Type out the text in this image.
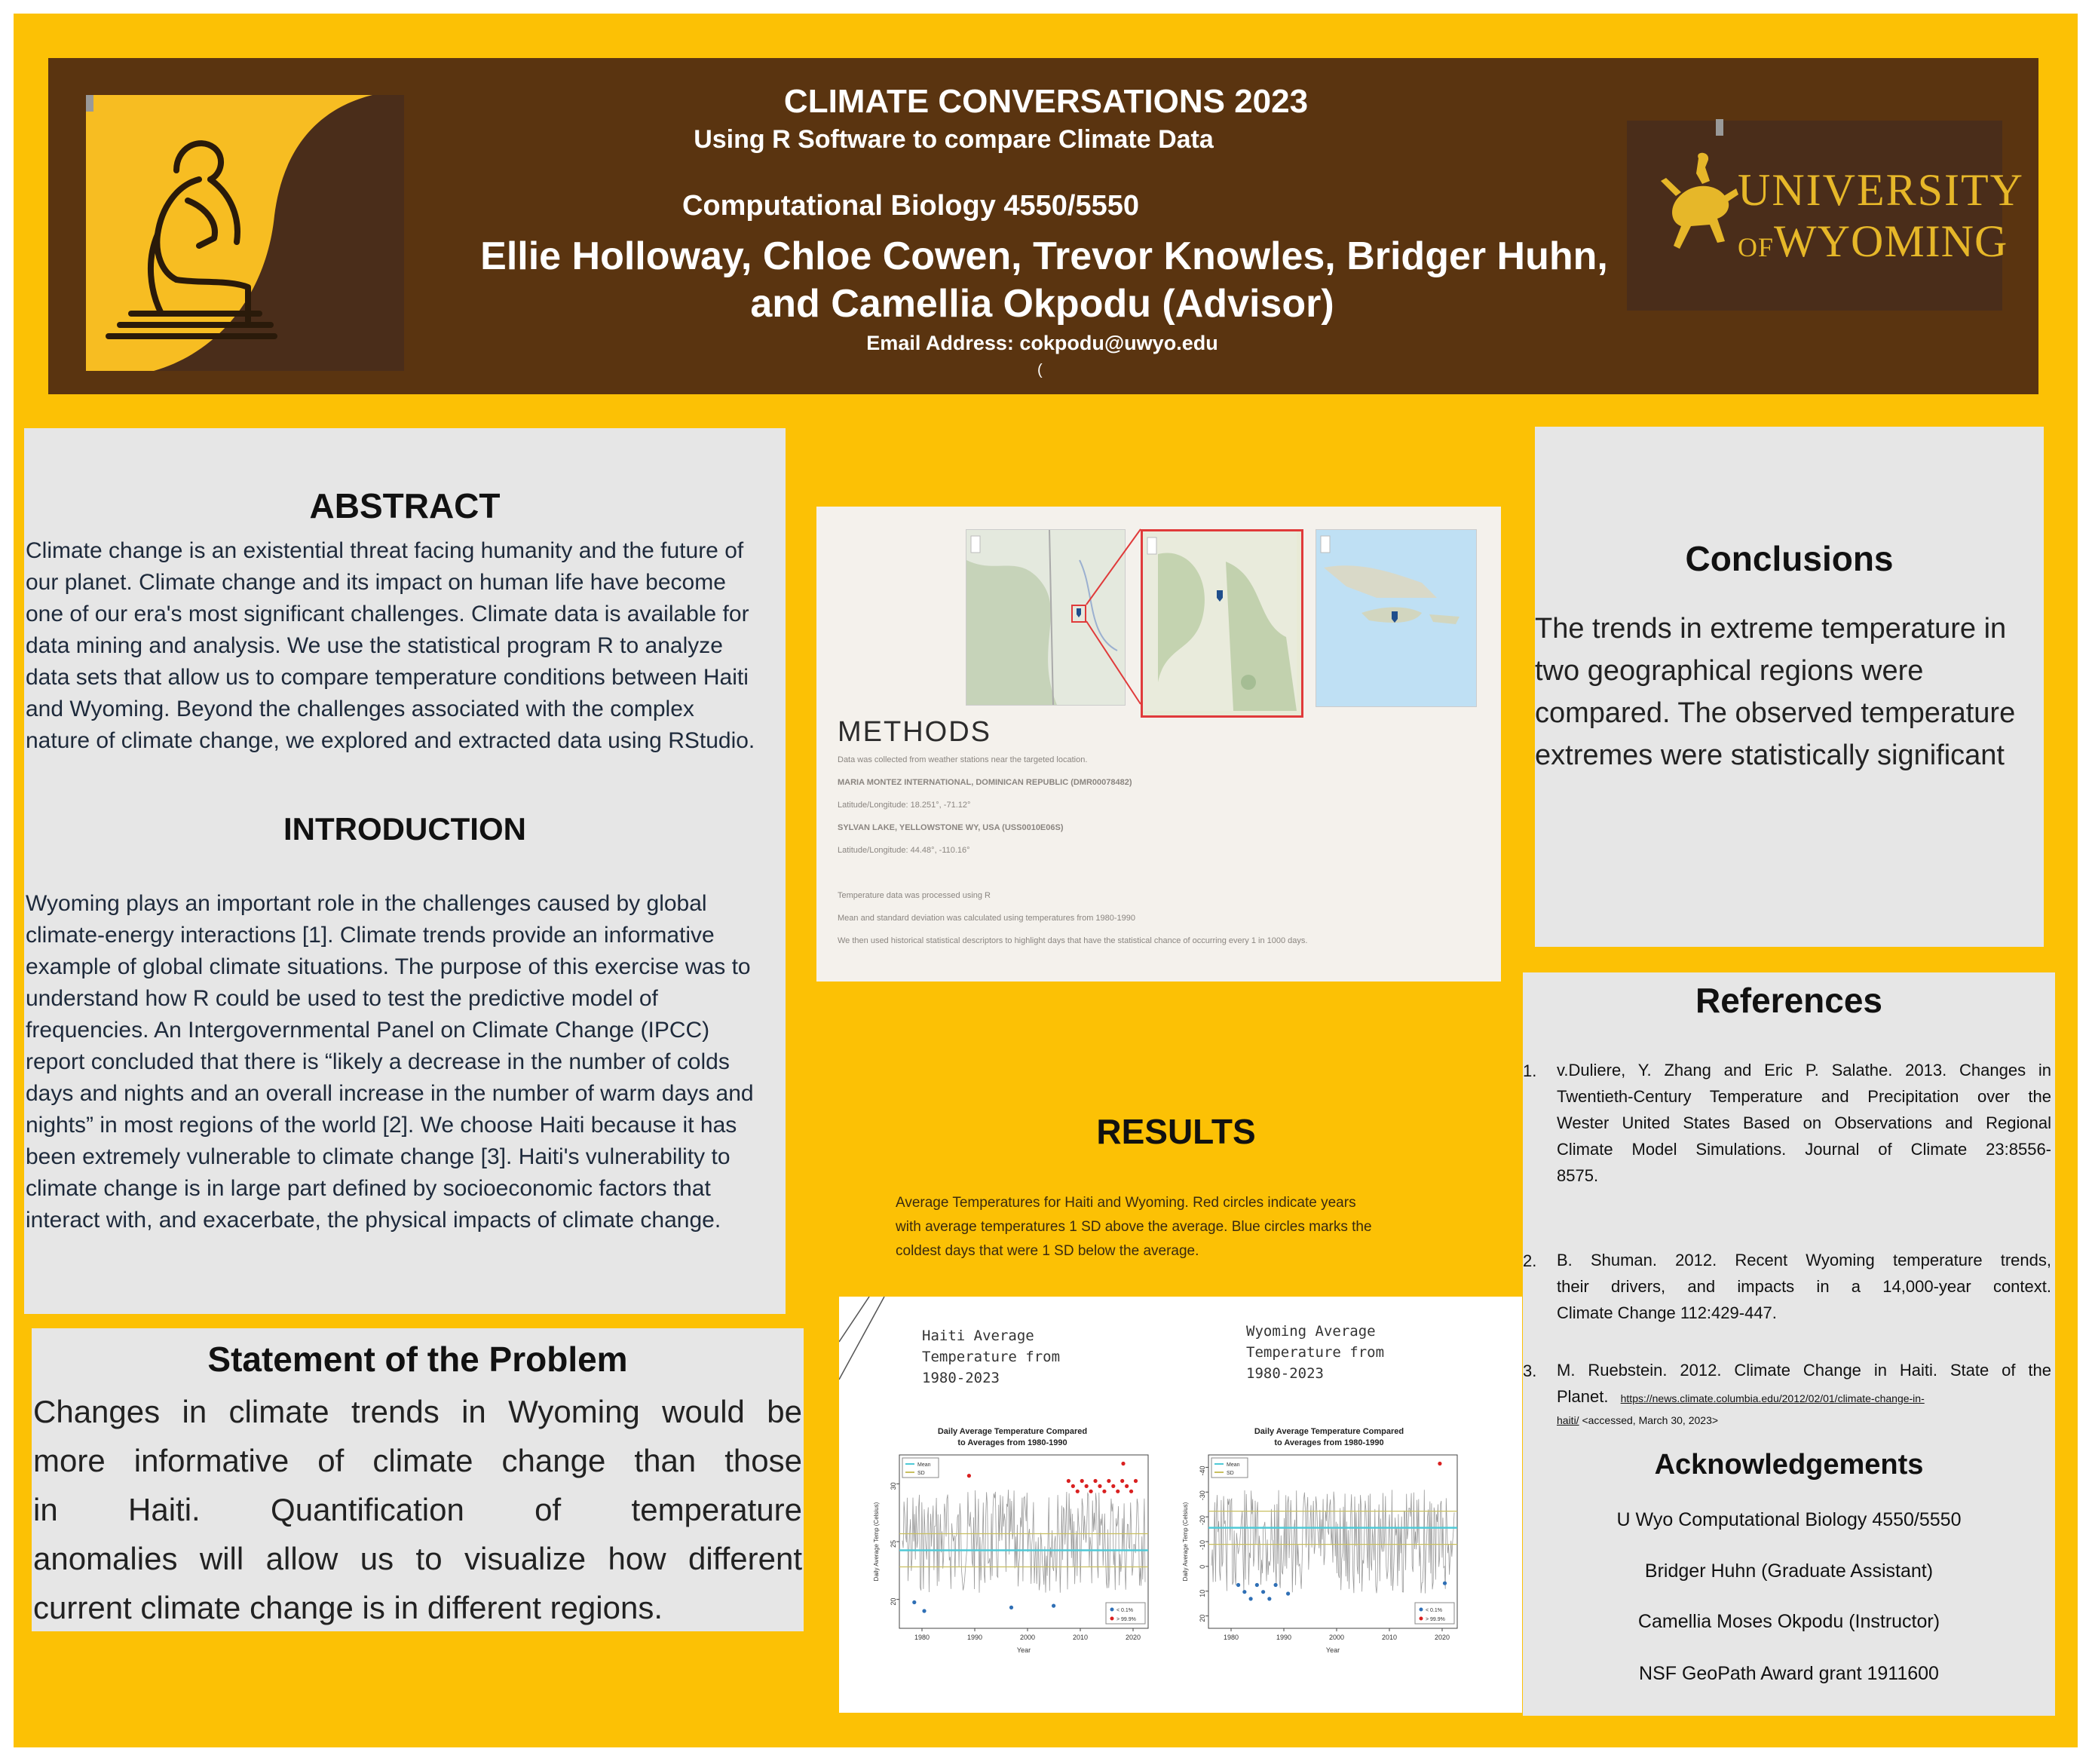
CLIMATE CONVERSATIONS 2023
Using R Software to compare Climate Data
Computational Biology 4550/5550
Ellie Holloway, Chloe Cowen, Trevor Knowles, Bridger Huhn,
and Camellia Okpodu (Advisor)
Email Address: cokpodu@uwyo.edu
(
UNIVERSITY
OFWYOMING
ABSTRACT
Climate change is an existential threat facing humanity and the future of
our planet. Climate change and its impact on human life have become
one of our era's most significant challenges. Climate data is available for
data mining and analysis. We use the statistical program R to analyze
data sets that allow us to compare temperature conditions between Haiti
and Wyoming. Beyond the challenges associated with the complex
nature of climate change, we explored and extracted data using RStudio.
INTRODUCTION
Wyoming plays an important role in the challenges caused by global
climate-energy interactions [1]. Climate trends provide an informative
example of global climate situations. The purpose of this exercise was to
understand how R could be used to test the predictive model of
frequencies. An Intergovernmental Panel on Climate Change (IPCC)
report concluded that there is “likely a decrease in the number of colds
days and nights and an overall increase in the number of warm days and
nights” in most regions of the world [2]. We choose Haiti because it has
been extremely vulnerable to climate change [3]. Haiti's vulnerability to
climate change is in large part defined by socioeconomic factors that
interact with, and exacerbate, the physical impacts of climate change.
Statement of the Problem
Changes in climate trends in Wyoming would be
more informative of climate change than those
in Haiti. Quantification of temperature
anomalies will allow us to visualize how different
current climate change is in different regions.
METHODS
Data was collected from weather stations near the targeted location.
MARIA MONTEZ INTERNATIONAL, DOMINICAN REPUBLIC (DMR00078482)
Latitude/Longitude: 18.251°, -71.12°
SYLVAN LAKE, YELLOWSTONE WY, USA (USS0010E06S)
Latitude/Longitude: 44.48°, -110.16°
Temperature data was processed using R
Mean and standard deviation was calculated using temperatures from 1980-1990
We then used historical statistical descriptors to highlight days that have the statistical chance of occurring every 1 in 1000 days.
RESULTS
Average Temperatures for Haiti and Wyoming. Red circles indicate years
with average temperatures 1 SD above the average. Blue circles marks the
coldest days that were 1 SD below the average.
Haiti Average
Temperature from
1980-2023
Wyoming Average
Temperature from
1980-2023
Daily Average Temperature Compared
to Averages from 1980-1990
20
25
30
Daily Average Temp (Celsius)
1980	1990	2000	2010	2020
Year
Mean
SD
< 0.1%
> 99.9%
Daily Average Temperature Compared
to Averages from 1980-1990
20
10
0
-10
-20
-30
-40
Daily Average Temp (Celsius)
1980	1990	2000	2010	2020
Year
Mean
SD
< 0.1%
> 99.9%
Conclusions
The trends in extreme temperature in
two geographical regions were
compared. The observed temperature
extremes were statistically significant
References
1. v.Duliere, Y. Zhang and Eric P. Salathe. 2013. Changes in
Twentieth-Century Temperature and Precipitation over the
Wester United States Based on Observations and Regional
Climate Model Simulations. Journal of Climate 23:8556-
8575.
2. B. Shuman. 2012. Recent Wyoming temperature trends,
their drivers, and impacts in a 14,000-year context.
Climate Change 112:429-447.
3. M. Ruebstein. 2012. Climate Change in Haiti. State of the
Planet. https://news.climate.columbia.edu/2012/02/01/climate-change-in-
haiti/ <accessed, March 30, 2023>
Acknowledgements
U Wyo Computational Biology 4550/5550
Bridger Huhn (Graduate Assistant)
Camellia Moses Okpodu (Instructor)
NSF GeoPath Award grant 1911600
